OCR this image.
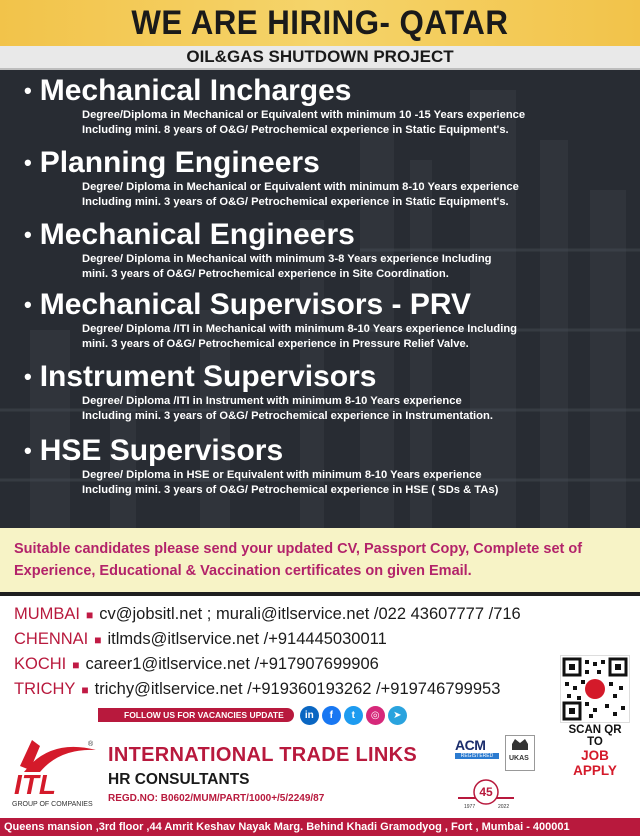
WE ARE HIRING- QATAR
OIL&GAS SHUTDOWN PROJECT
• Mechanical Incharges
Degree/Diploma in Mechanical or Equivalent with minimum 10 -15 Years experience
Including mini. 8 years of O&G/ Petrochemical experience in Static Equipment's.
• Planning Engineers
Degree/ Diploma in Mechanical or Equivalent with minimum 8-10 Years experience
Including mini. 3 years of O&G/ Petrochemical experience in Static Equipment's.
• Mechanical Engineers
Degree/ Diploma in Mechanical with minimum 3-8 Years experience Including
mini. 3 years of O&G/ Petrochemical experience in Site Coordination.
• Mechanical Supervisors - PRV
Degree/ Diploma /ITI in Mechanical with minimum 8-10 Years experience Including
mini. 3 years of O&G/ Petrochemical experience in Pressure Relief Valve.
• Instrument Supervisors
Degree/ Diploma /ITI in Instrument with minimum 8-10 Years experience
Including mini. 3 years of O&G/ Petrochemical experience in Instrumentation.
• HSE Supervisors
Degree/ Diploma in HSE or Equivalent with minimum 8-10 Years experience
Including mini. 3 years of O&G/ Petrochemical experience in HSE ( SDs & TAs)

Suitable candidates please send your updated CV, Passport Copy, Complete set of

Experience, Educational & Vaccination certificates on given Email.

MUMBAI ■ cv@jobsitl.net ; murali@itlservice.net /022 43607777 /716
CHENNAI ■ itlmds@itlservice.net /+914445030011
KOCHI ■ career1@itlservice.net /+917907699906
TRICHY ■ trichy@itlservice.net /+919360193262 /+919746799953
FOLLOW US FOR VACANCIES UPDATE	in	f	t	◎	➤
SCAN QR TO
JOB APPLY
ITL
GROUP OF COMPANIES
® INTERNATIONAL TRADE LINKS
HR CONSULTANTS
REGD.NO: B0602/MUM/PART/1000+/5/2249/87
ACM
REGISTERED	UKAS
45
1977	2022
Queens mansion ,3rd floor ,44 Amrit Keshav Nayak Marg. Behind Khadi Gramodyog , Fort , Mumbai - 400001
